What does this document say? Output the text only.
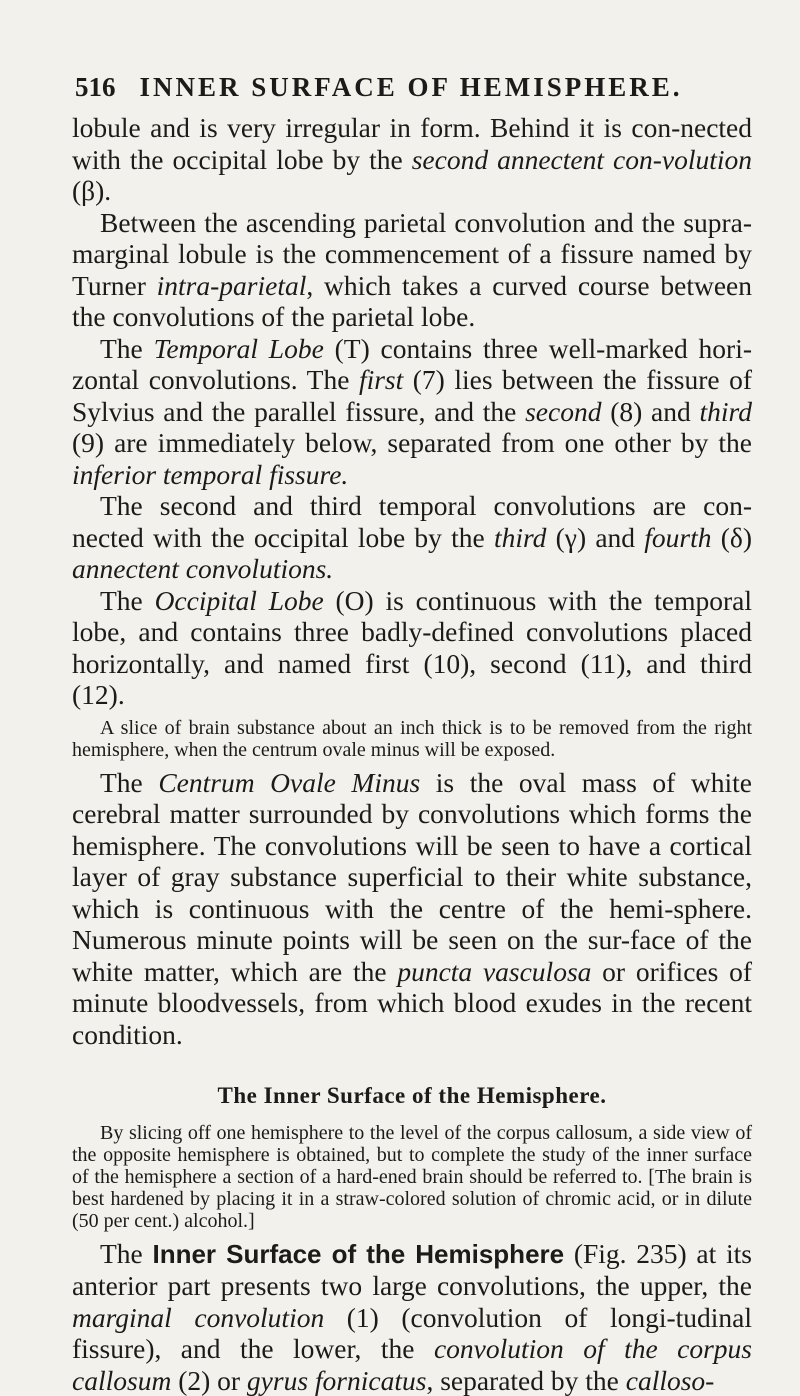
516 INNER SURFACE OF HEMISPHERE.

lobule and is very irregular in form. Behind it is con-nected with the occipital lobe by the second annectent con-volution (β).

Between the ascending parietal convolution and the supra-marginal lobule is the commencement of a fissure named by Turner intra-parietal, which takes a curved course between the convolutions of the parietal lobe.

The Temporal Lobe (T) contains three well-marked hori-zontal convolutions. The first (7) lies between the fissure of Sylvius and the parallel fissure, and the second (8) and third (9) are immediately below, separated from one other by the inferior temporal fissure.

The second and third temporal convolutions are con-nected with the occipital lobe by the third (γ) and fourth (δ) annectent convolutions.

The Occipital Lobe (O) is continuous with the temporal lobe, and contains three badly-defined convolutions placed horizontally, and named first (10), second (11), and third (12).

A slice of brain substance about an inch thick is to be removed from the right hemisphere, when the centrum ovale minus will be exposed.

The Centrum Ovale Minus is the oval mass of white cerebral matter surrounded by convolutions which forms the hemisphere. The convolutions will be seen to have a cortical layer of gray substance superficial to their white substance, which is continuous with the centre of the hemi-sphere. Numerous minute points will be seen on the sur-face of the white matter, which are the puncta vasculosa or orifices of minute bloodvessels, from which blood exudes in the recent condition.

The Inner Surface of the Hemisphere.

By slicing off one hemisphere to the level of the corpus callosum, a side view of the opposite hemisphere is obtained, but to complete the study of the inner surface of the hemisphere a section of a hard-ened brain should be referred to. [The brain is best hardened by placing it in a straw-colored solution of chromic acid, or in dilute (50 per cent.) alcohol.]

The Inner Surface of the Hemisphere (Fig. 235) at its anterior part presents two large convolutions, the upper, the marginal convolution (1) (convolution of longi-tudinal fissure), and the lower, the convolution of the corpus callosum (2) or gyrus fornicatus, separated by the calloso-
